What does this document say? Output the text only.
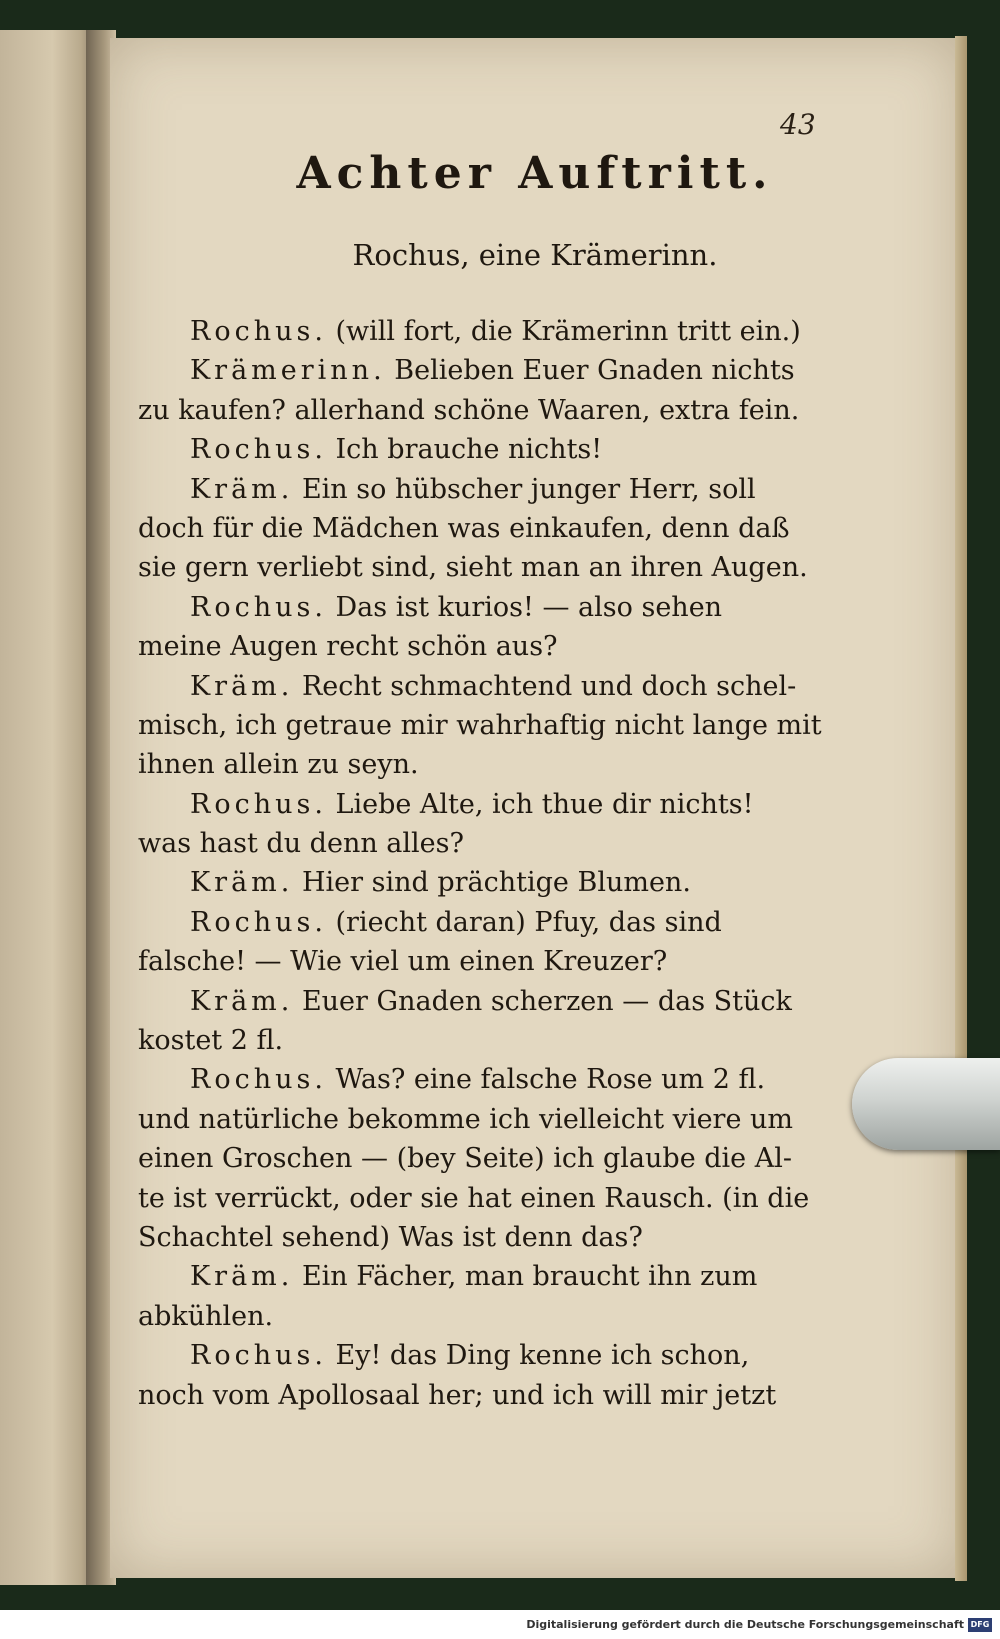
43
Achter Auftritt.
Rochus, eine Krämerinn.
Rochus. (will fort, die Krämerinn tritt ein.)
Krämerinn. Belieben Euer Gnaden nichts
zu kaufen? allerhand schöne Waaren, extra fein.
Rochus. Ich brauche nichts!
Kräm. Ein so hübscher junger Herr, soll
doch für die Mädchen was einkaufen, denn daß
sie gern verliebt sind, sieht man an ihren Augen.
Rochus. Das ist kurios! — also sehen
meine Augen recht schön aus?
Kräm. Recht schmachtend und doch schel-
misch, ich getraue mir wahrhaftig nicht lange mit
ihnen allein zu seyn.
Rochus. Liebe Alte, ich thue dir nichts!
was hast du denn alles?
Kräm. Hier sind prächtige Blumen.
Rochus. (riecht daran) Pfuy, das sind
falsche! — Wie viel um einen Kreuzer?
Kräm. Euer Gnaden scherzen — das Stück
kostet 2 fl.
Rochus. Was? eine falsche Rose um 2 fl.
und natürliche bekomme ich vielleicht viere um
einen Groschen — (bey Seite) ich glaube die Al-
te ist verrückt, oder sie hat einen Rausch. (in die
Schachtel sehend) Was ist denn das?
Kräm. Ein Fächer, man braucht ihn zum
abkühlen.
Rochus. Ey! das Ding kenne ich schon,
noch vom Apollosaal her; und ich will mir jetzt
Digitalisierung gefördert durch die Deutsche Forschungsgemeinschaft DFG
